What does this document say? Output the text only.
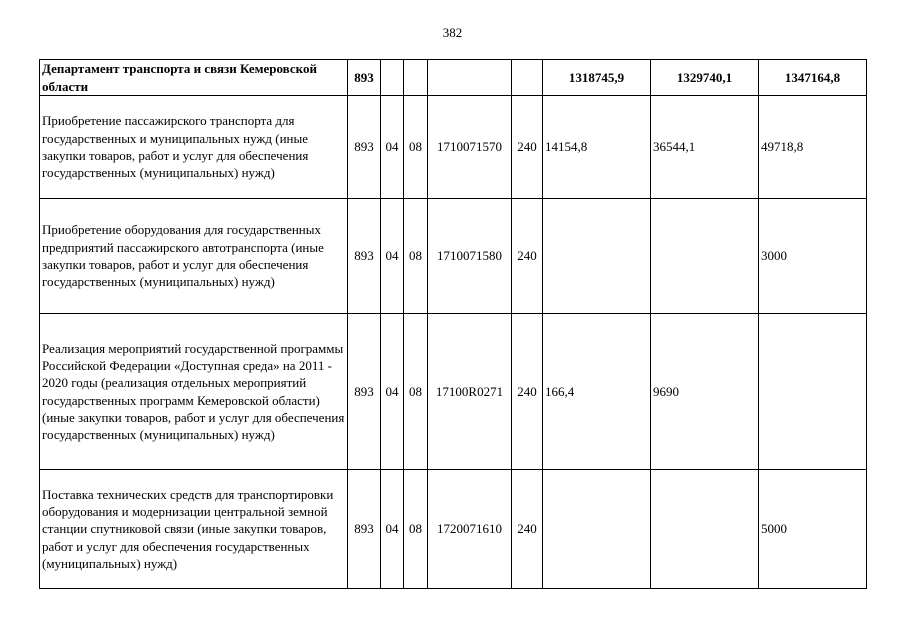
382
Департамент транспорта и связи Кемеровской области	893					1318745,9	1329740,1	1347164,8
Приобретение пассажирского транспорта для государственных и муниципальных нужд (иные закупки товаров, работ и услуг для обеспечения государственных (муниципальных) нужд)	893	04	08	1710071570	240	14154,8	36544,1	49718,8
Приобретение оборудования для государственных предприятий пассажирского автотранспорта (иные закупки товаров, работ и услуг для обеспечения государственных (муниципальных) нужд)	893	04	08	1710071580	240			3000
Реализация мероприятий государственной программы Российской Федерации «Доступная среда» на 2011 - 2020 годы (реализация отдельных мероприятий государственных программ Кемеровской области) (иные закупки товаров, работ и услуг для обеспечения государственных (муниципальных) нужд)	893	04	08	17100R0271	240	166,4	9690	
Поставка технических средств для транспортировки оборудования и модернизации центральной земной станции спутниковой связи (иные закупки товаров, работ и услуг для обеспечения государственных (муниципальных) нужд)	893	04	08	1720071610	240			5000
